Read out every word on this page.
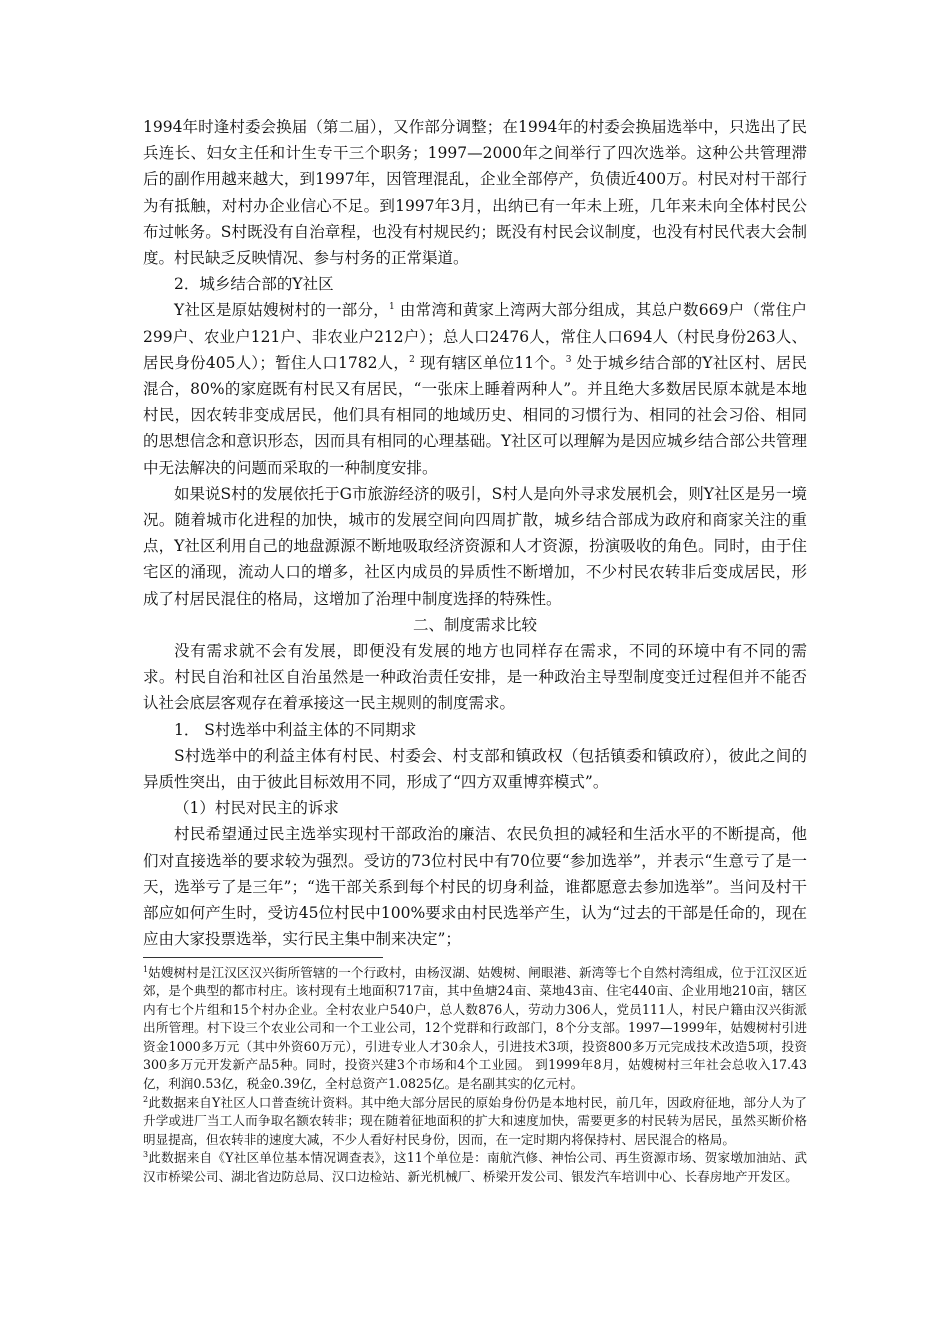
1994年时逢村委会换届（第二届），又作部分调整；在1994年的村委会换届选举中，只选出了民兵连长、妇女主任和计生专干三个职务；1997—2000年之间举行了四次选举。这种公共管理滞后的副作用越来越大，到1997年，因管理混乱，企业全部停产，负债近400万。村民对村干部行为有抵触，对村办企业信心不足。到1997年3月，出纳已有一年未上班，几年来未向全体村民公布过帐务。S村既没有自治章程，也没有村规民约；既没有村民会议制度，也没有村民代表大会制度。村民缺乏反映情况、参与村务的正常渠道。

2．城乡结合部的Y社区

Y社区是原姑嫂树村的一部分，$^1$ 由常湾和黄家上湾两大部分组成，其总户数669户（常住户299户、农业户121户、非农业户212户）；总人口2476人，常住人口694人（村民身份263人、居民身份405人）；暂住人口1782人，$^2$ 现有辖区单位11个。$^3$ 处于城乡结合部的Y社区村、居民混合，80%的家庭既有村民又有居民，“一张床上睡着两种人”。并且绝大多数居民原本就是本地村民，因农转非变成居民，他们具有相同的地域历史、相同的习惯行为、相同的社会习俗、相同的思想信念和意识形态，因而具有相同的心理基础。Y社区可以理解为是因应城乡结合部公共管理中无法解决的问题而采取的一种制度安排。

如果说S村的发展依托于G市旅游经济的吸引，S村人是向外寻求发展机会，则Y社区是另一境况。随着城市化进程的加快，城市的发展空间向四周扩散，城乡结合部成为政府和商家关注的重点，Y社区利用自己的地盘源源不断地吸取经济资源和人才资源，扮演吸收的角色。同时，由于住宅区的涌现，流动人口的增多，社区内成员的异质性不断增加，不少村民农转非后变成居民，形成了村居民混住的格局，这增加了治理中制度选择的特殊性。

二、制度需求比较

没有需求就不会有发展，即便没有发展的地方也同样存在需求，不同的环境中有不同的需求。村民自治和社区自治虽然是一种政治责任安排，是一种政治主导型制度变迁过程但并不能否认社会底层客观存在着承接这一民主规则的制度需求。

1． S村选举中利益主体的不同期求

S村选举中的利益主体有村民、村委会、村支部和镇政权（包括镇委和镇政府），彼此之间的异质性突出，由于彼此目标效用不同，形成了“四方双重博弈模式”。

（1）村民对民主的诉求

村民希望通过民主选举实现村干部政治的廉洁、农民负担的减轻和生活水平的不断提高，他们对直接选举的要求较为强烈。受访的73位村民中有70位要“参加选举”，并表示“生意亏了是一天，选举亏了是三年”；“选干部关系到每个村民的切身利益，谁都愿意去参加选举”。当问及村干部应如何产生时，受访45位村民中100%要求由村民选举产生，认为“过去的干部是任命的，现在应由大家投票选举，实行民主集中制来决定”；

$^1$姑嫂树村是江汉区汉兴街所管辖的一个行政村，由杨汊湖、姑嫂树、闸眼港、新湾等七个自然村湾组成，位于江汉区近郊，是个典型的都市村庄。该村现有土地面积717亩，其中鱼塘24亩、菜地43亩、住宅440亩、企业用地210亩，辖区内有七个片组和15个村办企业。全村农业户540户，总人数876人，劳动力306人，党员111人，村民户籍由汉兴街派出所管理。村下设三个农业公司和一个工业公司，12个党群和行政部门，8个分支部。1997—1999年，姑嫂树村引进资金1000多万元（其中外资60万元），引进专业人才30余人，引进技术3项，投资800多万元完成技术改造5项，投资300多万元开发新产品5种。同时，投资兴建3个市场和4个工业园。 到1999年8月，姑嫂树村三年社会总收入17.43亿，利润0.53亿，税金0.39亿，全村总资产1.0825亿。是名副其实的亿元村。

$^2$此数据来自Y社区人口普查统计资料。其中绝大部分居民的原始身份仍是本地村民，前几年，因政府征地，部分人为了升学或进厂当工人而争取名额农转非；现在随着征地面积的扩大和速度加快，需要更多的村民转为居民，虽然买断价格明显提高，但农转非的速度大减，不少人看好村民身份，因而，在一定时期内将保持村、居民混合的格局。

$^3$此数据来自《Y社区单位基本情况调查表》，这11个单位是：南航汽修、神怡公司、再生资源市场、贺家墩加油站、武汉市桥梁公司、湖北省边防总局、汉口边检站、新光机械厂、桥梁开发公司、银发汽车培训中心、长春房地产开发区。
